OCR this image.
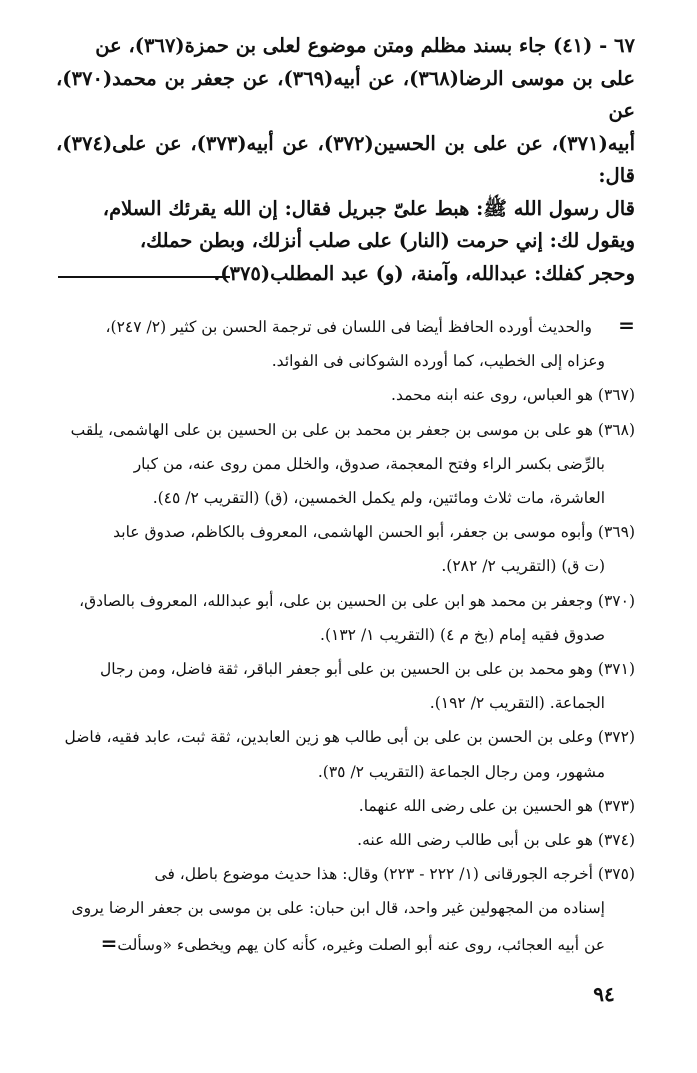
٦٧ - (٤١) جاء بسند مظلم ومتن موضوع لعلى بن حمزة(٣٦٧)، عن

على بن موسى الرضا(٣٦٨)، عن أبيه(٣٦٩)، عن جعفر بن محمد(٣٧٠)، عن

أبيه(٣٧١)، عن على بن الحسين(٣٧٢)، عن أبيه(٣٧٣)، عن على(٣٧٤)، قال:

قال رسول الله ﷺ: هبط علىّ جبريل فقال: إن الله يقرئك السلام،

ويقول لك: إني حرمت (النار) على صلب أنزلك، وبطن حملك،

وحجر كفلك: عبدالله، وآمنة، (و) عبد المطلب(٣٧٥).

=والحديث أورده الحافظ أيضا فى اللسان فى ترجمة الحسن بن كثير (٢/ ٢٤٧)،

وعزاه إلى الخطيب، كما أورده الشوكانى فى الفوائد.

(٣٦٧) هو العباس، روى عنه ابنه محمد.

(٣٦٨) هو على بن موسى بن جعفر بن محمد بن على بن الحسين بن على الهاشمى، يلقب

بالرِّضى بكسر الراء وفتح المعجمة، صدوق، والخلل ممن روى عنه، من كبار

العاشرة، مات ثلاث ومائتين، ولم يكمل الخمسين، (ق) (التقريب ٢/ ٤٥).

(٣٦٩) وأبوه موسى بن جعفر، أبو الحسن الهاشمى، المعروف بالكاظم، صدوق عابد

(ت ق) (التقريب ٢/ ٢٨٢).

(٣٧٠) وجعفر بن محمد هو ابن على بن الحسين بن على، أبو عبدالله، المعروف بالصادق،

صدوق فقيه إمام (بخ م ٤) (التقريب ١/ ١٣٢).

(٣٧١) وهو محمد بن على بن الحسين بن على أبو جعفر الباقر، ثقة فاضل، ومن رجال

الجماعة. (التقريب ٢/ ١٩٢).

(٣٧٢) وعلى بن الحسن بن على بن أبى طالب هو زين العابدين، ثقة ثبت، عابد فقيه، فاضل

مشهور، ومن رجال الجماعة (التقريب ٢/ ٣٥).

(٣٧٣) هو الحسين بن على رضى الله عنهما.

(٣٧٤) هو على بن أبى طالب رضى الله عنه.

(٣٧٥) أخرجه الجورقانى (١/ ٢٢٢ - ٢٢٣) وقال: هذا حديث موضوع باطل، فى

إسناده من المجهولين غير واحد، قال ابن حبان: على بن موسى بن جعفر الرضا يروى

عن أبيه العجائب، روى عنه أبو الصلت وغيره، كأنه كان يهم ويخطىء «وسألت=

٩٤
